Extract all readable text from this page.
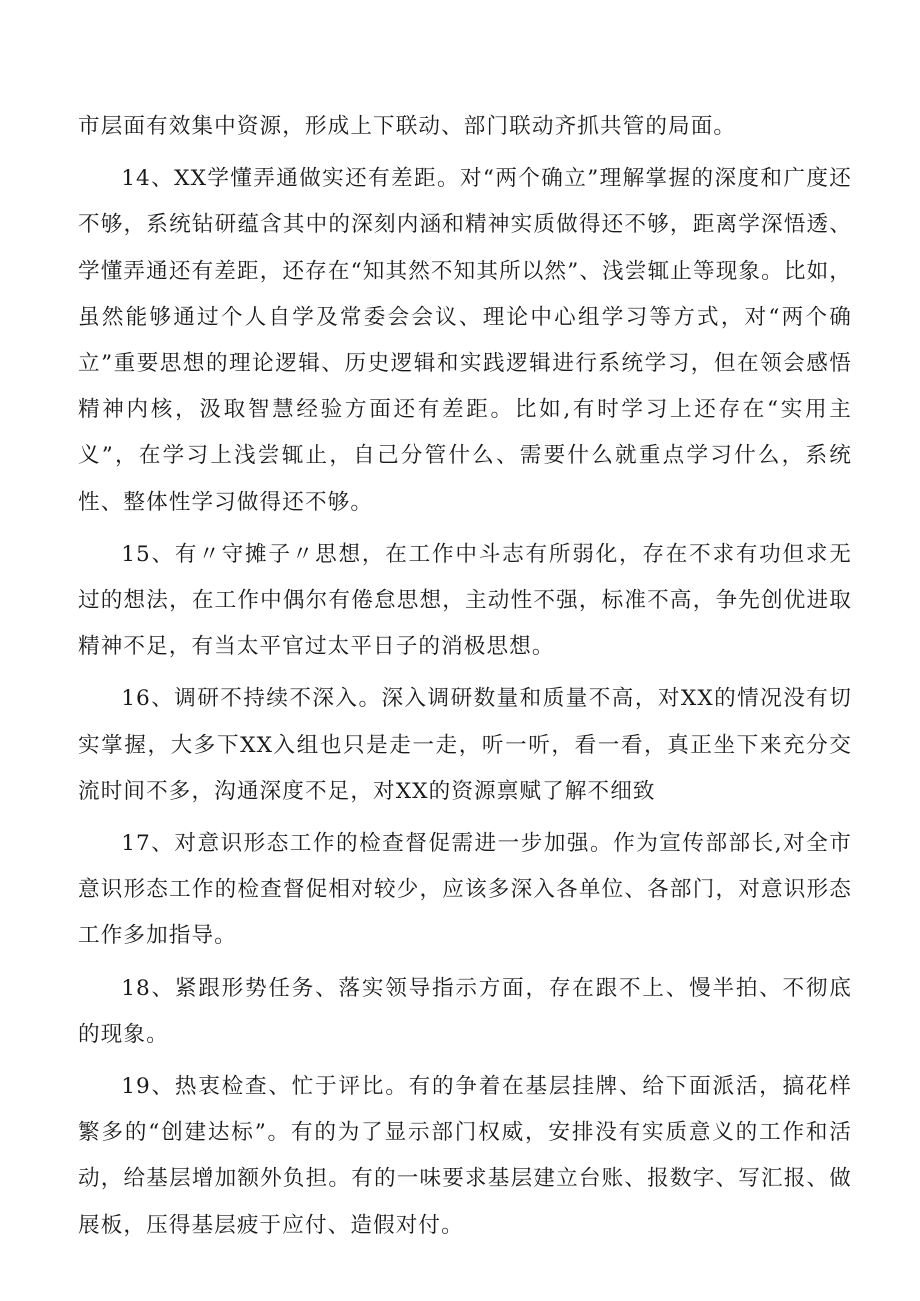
市层面有效集中资源，形成上下联动、部门联动齐抓共管的局面。

14、XX学懂弄通做实还有差距。对“两个确立”理解掌握的深度和广度还不够，系统钻研蕴含其中的深刻内涵和精神实质做得还不够，距离学深悟透、学懂弄通还有差距，还存在“知其然不知其所以然”、浅尝辄止等现象。比如，虽然能够通过个人自学及常委会会议、理论中心组学习等方式，对“两个确立”重要思想的理论逻辑、历史逻辑和实践逻辑进行系统学习，但在领会感悟精神内核，汲取智慧经验方面还有差距。比如,有时学习上还存在“实用主义”，在学习上浅尝辄止，自己分管什么、需要什么就重点学习什么，系统性、整体性学习做得还不够。

15、有〃守摊子〃思想，在工作中斗志有所弱化，存在不求有功但求无过的想法，在工作中偶尔有倦怠思想，主动性不强，标准不高，争先创优进取精神不足，有当太平官过太平日子的消极思想。

16、调研不持续不深入。深入调研数量和质量不高，对XX的情况没有切实掌握，大多下XX入组也只是走一走，听一听，看一看，真正坐下来充分交流时间不多，沟通深度不足，对XX的资源禀赋了解不细致

17、对意识形态工作的检查督促需进一步加强。作为宣传部部长,对全市意识形态工作的检查督促相对较少，应该多深入各单位、各部门，对意识形态工作多加指导。

18、紧跟形势任务、落实领导指示方面，存在跟不上、慢半拍、不彻底的现象。

19、热衷检查、忙于评比。有的争着在基层挂牌、给下面派活，搞花样繁多的“创建达标”。有的为了显示部门权威，安排没有实质意义的工作和活动，给基层增加额外负担。有的一味要求基层建立台账、报数字、写汇报、做展板，压得基层疲于应付、造假对付。
